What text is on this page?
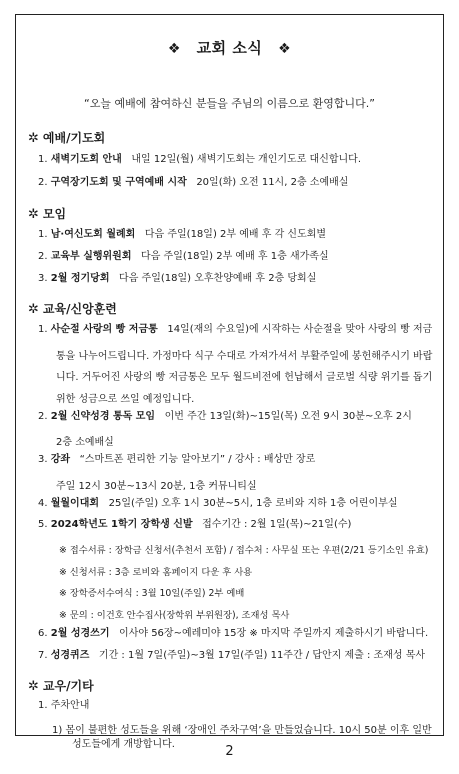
❖ 교회 소식 ❖
“오늘 예배에 참여하신 분들을 주님의 이름으로 환영합니다.”
✲ 예배/기도회
1. 새벽기도회 안내 내일 12일(월) 새벽기도회는 개인기도로 대신합니다.
2. 구역장기도회 및 구역예배 시작 20일(화) 오전 11시, 2층 소예배실
✲ 모임
1. 남·여신도회 월례회 다음 주일(18일) 2부 예배 후 각 신도회별
2. 교육부 실행위원회 다음 주일(18일) 2부 예배 후 1층 새가족실
3. 2월 정기당회 다음 주일(18일) 오후찬양예배 후 2층 당회실
✲ 교육/신앙훈련
1. 사순절 사랑의 빵 저금통 14일(재의 수요일)에 시작하는 사순절을 맞아 사랑의 빵 저금
통을 나누어드립니다. 가정마다 식구 수대로 가져가셔서 부활주일에 봉헌해주시기 바랍
니다. 거두어진 사랑의 빵 저금통은 모두 월드비전에 헌납해서 글로벌 식량 위기를 돕기
위한 성금으로 쓰일 예정입니다.
2. 2월 신약성경 통독 모임 이번 주간 13일(화)~15일(목) 오전 9시 30분~오후 2시
2층 소예배실
3. 강좌 “스마트폰 편리한 기능 알아보기” / 강사 : 배상만 장로
주일 12시 30분~13시 20분, 1층 커뮤니티실
4. 월월이대회 25일(주일) 오후 1시 30분~5시, 1층 로비와 지하 1층 어린이부실
5. 2024학년도 1학기 장학생 신발 접수기간 : 2월 1일(목)~21일(수)
※ 접수서류 : 장학금 신청서(추천서 포함) / 접수처 : 사무실 또는 우편(2/21 등기소인 유효)
※ 신청서류 : 3층 로비와 홈페이지 다운 후 사용
※ 장학증서수여식 : 3월 10일(주일) 2부 예배
※ 문의 : 이건호 안수집사(장학위 부위원장), 조재성 목사
6. 2월 성경쓰기 이사야 56장~예레미야 15장 ※ 마지막 주일까지 제출하시기 바랍니다.
7. 성경퀴즈 기간 : 1월 7일(주일)~3월 17일(주일) 11주간 / 답안지 제출 : 조재성 목사
✲ 교우/기타
1. 주차안내
1) 몸이 불편한 성도들을 위해 ‘장애인 주차구역’을 만들었습니다. 10시 50분 이후 일반
성도들에게 개방합니다.	2
